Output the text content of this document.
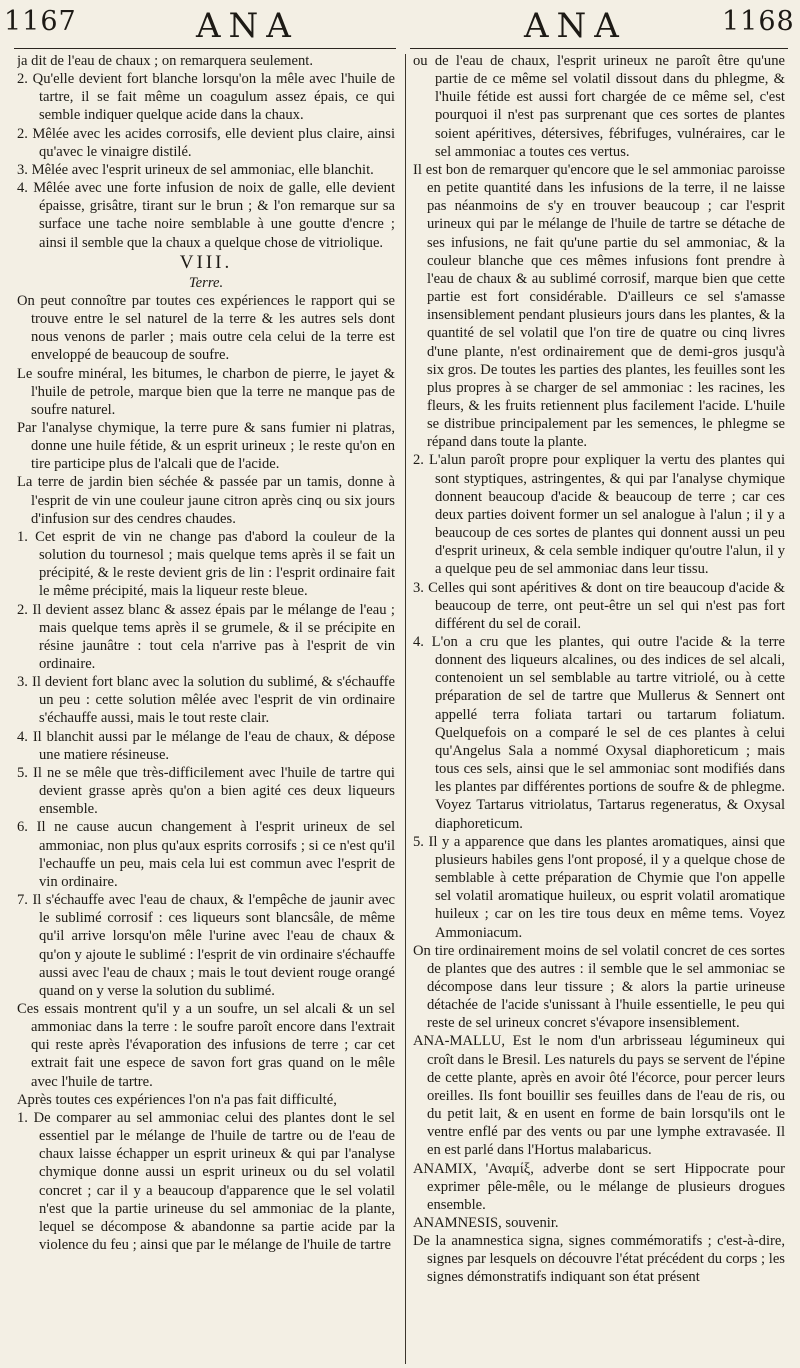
1167	ANA	ANA	1168

ja dit de l'eau de chaux ; on remarquera seulement.

2. Qu'elle devient fort blanche lorsqu'on la mêle avec l'huile de tartre, il se fait même un coagulum assez épais, ce qui semble indiquer quelque acide dans la chaux.

2. Mêlée avec les acides corrosifs, elle devient plus claire, ainsi qu'avec le vinaigre distilé.

3. Mêlée avec l'esprit urineux de sel ammoniac, elle blanchit.

4. Mêlée avec une forte infusion de noix de galle, elle devient épaisse, grisâtre, tirant sur le brun ; & l'on remarque sur sa surface une tache noire semblable à une goutte d'encre ; ainsi il semble que la chaux a quelque chose de vitriolique.

VIII.

Terre.

On peut connoître par toutes ces expériences le rapport qui se trouve entre le sel naturel de la terre & les autres sels dont nous venons de parler ; mais outre cela celui de la terre est enveloppé de beaucoup de soufre.

Le soufre minéral, les bitumes, le charbon de pierre, le jayet & l'huile de petrole, marque bien que la terre ne manque pas de soufre naturel.

Par l'analyse chymique, la terre pure & sans fumier ni platras, donne une huile fétide, & un esprit urineux ; le reste qu'on en tire participe plus de l'alcali que de l'acide.

La terre de jardin bien séchée & passée par un tamis, donne à l'esprit de vin une couleur jaune citron après cinq ou six jours d'infusion sur des cendres chaudes.

1. Cet esprit de vin ne change pas d'abord la couleur de la solution du tournesol ; mais quelque tems après il se fait un précipité, & le reste devient gris de lin : l'esprit ordinaire fait le même précipité, mais la liqueur reste bleue.

2. Il devient assez blanc & assez épais par le mélange de l'eau ; mais quelque tems après il se grumele, & il se précipite en résine jaunâtre : tout cela n'arrive pas à l'esprit de vin ordinaire.

3. Il devient fort blanc avec la solution du sublimé, & s'échauffe un peu : cette solution mêlée avec l'esprit de vin ordinaire s'échauffe aussi, mais le tout reste clair.

4. Il blanchit aussi par le mélange de l'eau de chaux, & dépose une matiere résineuse.

5. Il ne se mêle que très-difficilement avec l'huile de tartre qui devient grasse après qu'on a bien agité ces deux liqueurs ensemble.

6. Il ne cause aucun changement à l'esprit urineux de sel ammoniac, non plus qu'aux esprits corrosifs ; si ce n'est qu'il l'echauffe un peu, mais cela lui est commun avec l'esprit de vin ordinaire.

7. Il s'échauffe avec l'eau de chaux, & l'empêche de jaunir avec le sublimé corrosif : ces liqueurs sont blancsâle, de même qu'il arrive lorsqu'on mêle l'urine avec l'eau de chaux & qu'on y ajoute le sublimé : l'esprit de vin ordinaire s'échauffe aussi avec l'eau de chaux ; mais le tout devient rouge orangé quand on y verse la solution du sublimé.

Ces essais montrent qu'il y a un soufre, un sel alcali & un sel ammoniac dans la terre : le soufre paroît encore dans l'extrait qui reste après l'évaporation des infusions de terre ; car cet extrait fait une espece de savon fort gras quand on le mêle avec l'huile de tartre.

Après toutes ces expériences l'on n'a pas fait difficulté,

1. De comparer au sel ammoniac celui des plantes dont le sel essentiel par le mélange de l'huile de tartre ou de l'eau de chaux laisse échapper un esprit urineux & qui par l'analyse chymique donne aussi un esprit urineux ou du sel volatil concret ; car il y a beaucoup d'apparence que le sel volatil n'est que la partie urineuse du sel ammoniac de la plante, lequel se décompose & abandonne sa partie acide par la violence du feu ; ainsi que par le mélange de l'huile de tartre

ou de l'eau de chaux, l'esprit urineux ne paroît être qu'une partie de ce même sel volatil dissout dans du phlegme, & l'huile fétide est aussi fort chargée de ce même sel, c'est pourquoi il n'est pas surprenant que ces sortes de plantes soient apéritives, détersives, fébrifuges, vulnéraires, car le sel ammoniac a toutes ces vertus.

Il est bon de remarquer qu'encore que le sel ammoniac paroisse en petite quantité dans les infusions de la terre, il ne laisse pas néanmoins de s'y en trouver beaucoup ; car l'esprit urineux qui par le mélange de l'huile de tartre se détache de ses infusions, ne fait qu'une partie du sel ammoniac, & la couleur blanche que ces mêmes infusions font prendre à l'eau de chaux & au sublimé corrosif, marque bien que cette partie est fort considérable. D'ailleurs ce sel s'amasse insensiblement pendant plusieurs jours dans les plantes, & la quantité de sel volatil que l'on tire de quatre ou cinq livres d'une plante, n'est ordinairement que de demi-gros jusqu'à six gros. De toutes les parties des plantes, les feuilles sont les plus propres à se charger de sel ammoniac : les racines, les fleurs, & les fruits retiennent plus facilement l'acide. L'huile se distribue principalement par les semences, le phlegme se répand dans toute la plante.

2. L'alun paroît propre pour expliquer la vertu des plantes qui sont styptiques, astringentes, & qui par l'analyse chymique donnent beaucoup d'acide & beaucoup de terre ; car ces deux parties doivent former un sel analogue à l'alun ; il y a beaucoup de ces sortes de plantes qui donnent aussi un peu d'esprit urineux, & cela semble indiquer qu'outre l'alun, il y a quelque peu de sel ammoniac dans leur tissu.

3. Celles qui sont apéritives & dont on tire beaucoup d'acide & beaucoup de terre, ont peut-être un sel qui n'est pas fort différent du sel de corail.

4. L'on a cru que les plantes, qui outre l'acide & la terre donnent des liqueurs alcalines, ou des indices de sel alcali, contenoient un sel semblable au tartre vitriolé, ou à cette préparation de sel de tartre que Mullerus & Sennert ont appellé terra foliata tartari ou tartarum foliatum. Quelquefois on a comparé le sel de ces plantes à celui qu'Angelus Sala a nommé Oxysal diaphoreticum ; mais tous ces sels, ainsi que le sel ammoniac sont modifiés dans les plantes par différentes portions de soufre & de phlegme. Voyez Tartarus vitriolatus, Tartarus regeneratus, & Oxysal diaphoreticum.

5. Il y a apparence que dans les plantes aromatiques, ainsi que plusieurs habiles gens l'ont proposé, il y a quelque chose de semblable à cette préparation de Chymie que l'on appelle sel volatil aromatique huileux, ou esprit volatil aromatique huileux ; car on les tire tous deux en même tems. Voyez Ammoniacum.

On tire ordinairement moins de sel volatil concret de ces sortes de plantes que des autres : il semble que le sel ammoniac se décompose dans leur tissure ; & alors la partie urineuse détachée de l'acide s'unissant à l'huile essentielle, le peu qui reste de sel urineux concret s'évapore insensiblement.

ANA-MALLU, Est le nom d'un arbrisseau légumineux qui croît dans le Bresil. Les naturels du pays se servent de l'épine de cette plante, après en avoir ôté l'écorce, pour percer leurs oreilles. Ils font bouillir ses feuilles dans de l'eau de ris, ou du petit lait, & en usent en forme de bain lorsqu'ils ont le ventre enflé par des vents ou par une lymphe extravasée. Il en est parlé dans l'Hortus malabaricus.

ANAMIX, 'Αναμίξ, adverbe dont se sert Hippocrate pour exprimer pêle-mêle, ou le mélange de plusieurs drogues ensemble.

ANAMNESIS, souvenir.

De la anamnestica signa, signes commémoratifs ; c'est-à-dire, signes par lesquels on découvre l'état précédent du corps ; les signes démonstratifs indiquant son état présent
